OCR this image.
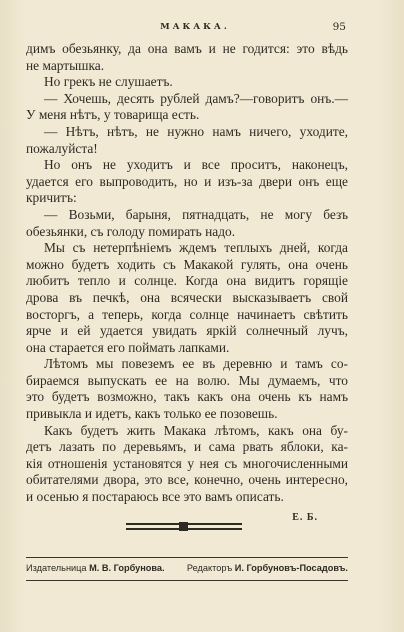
МАКАКА.	95
димъ обезьянку, да она вамъ и не годится: это вѣдь
не мартышка.
Но грекъ не слушаетъ.
— Хочешь, десять рублей дамъ?—говоритъ онъ.—
У меня нѣтъ, у товарища есть.
— Нѣтъ, нѣтъ, не нужно намъ ничего, уходите,
пожалуйста!
Но онъ не уходитъ и все проситъ, наконецъ,
удается его выпроводить, но и изъ-за двери онъ еще
кричитъ:
— Возьми, барыня, пятнадцать, не могу безъ
обезьянки, съ голоду помирать надо.
Мы съ нетерпѣніемъ ждемъ теплыхъ дней, когда
можно будетъ ходить съ Макакой гулять, она очень
любитъ тепло и солнце. Когда она видитъ горящіе
дрова въ печкѣ, она всячески высказываетъ свой
восторгъ, а теперь, когда солнце начинаетъ свѣтить
ярче и ей удается увидать яркій солнечный лучъ,
она старается его поймать лапками.
Лѣтомъ мы повеземъ ее въ деревню и тамъ со-
бираемся выпускать ее на волю. Мы думаемъ, что
это будетъ возможно, такъ какъ она очень къ намъ
привыкла и идетъ, какъ только ее позовешь.
Какъ будетъ жить Макака лѣтомъ, какъ она бу-
детъ лазать по деревьямъ, и сама рвать яблоки, ка-
кія отношенія установятся у нея съ многочисленными
обитателями двора, это все, конечно, очень интересно,
и осенью я постараюсь все это вамъ описать.
Е. Б.
Издательница М. В. Горбунова. Редакторъ И. Горбуновъ-Посадовъ.
